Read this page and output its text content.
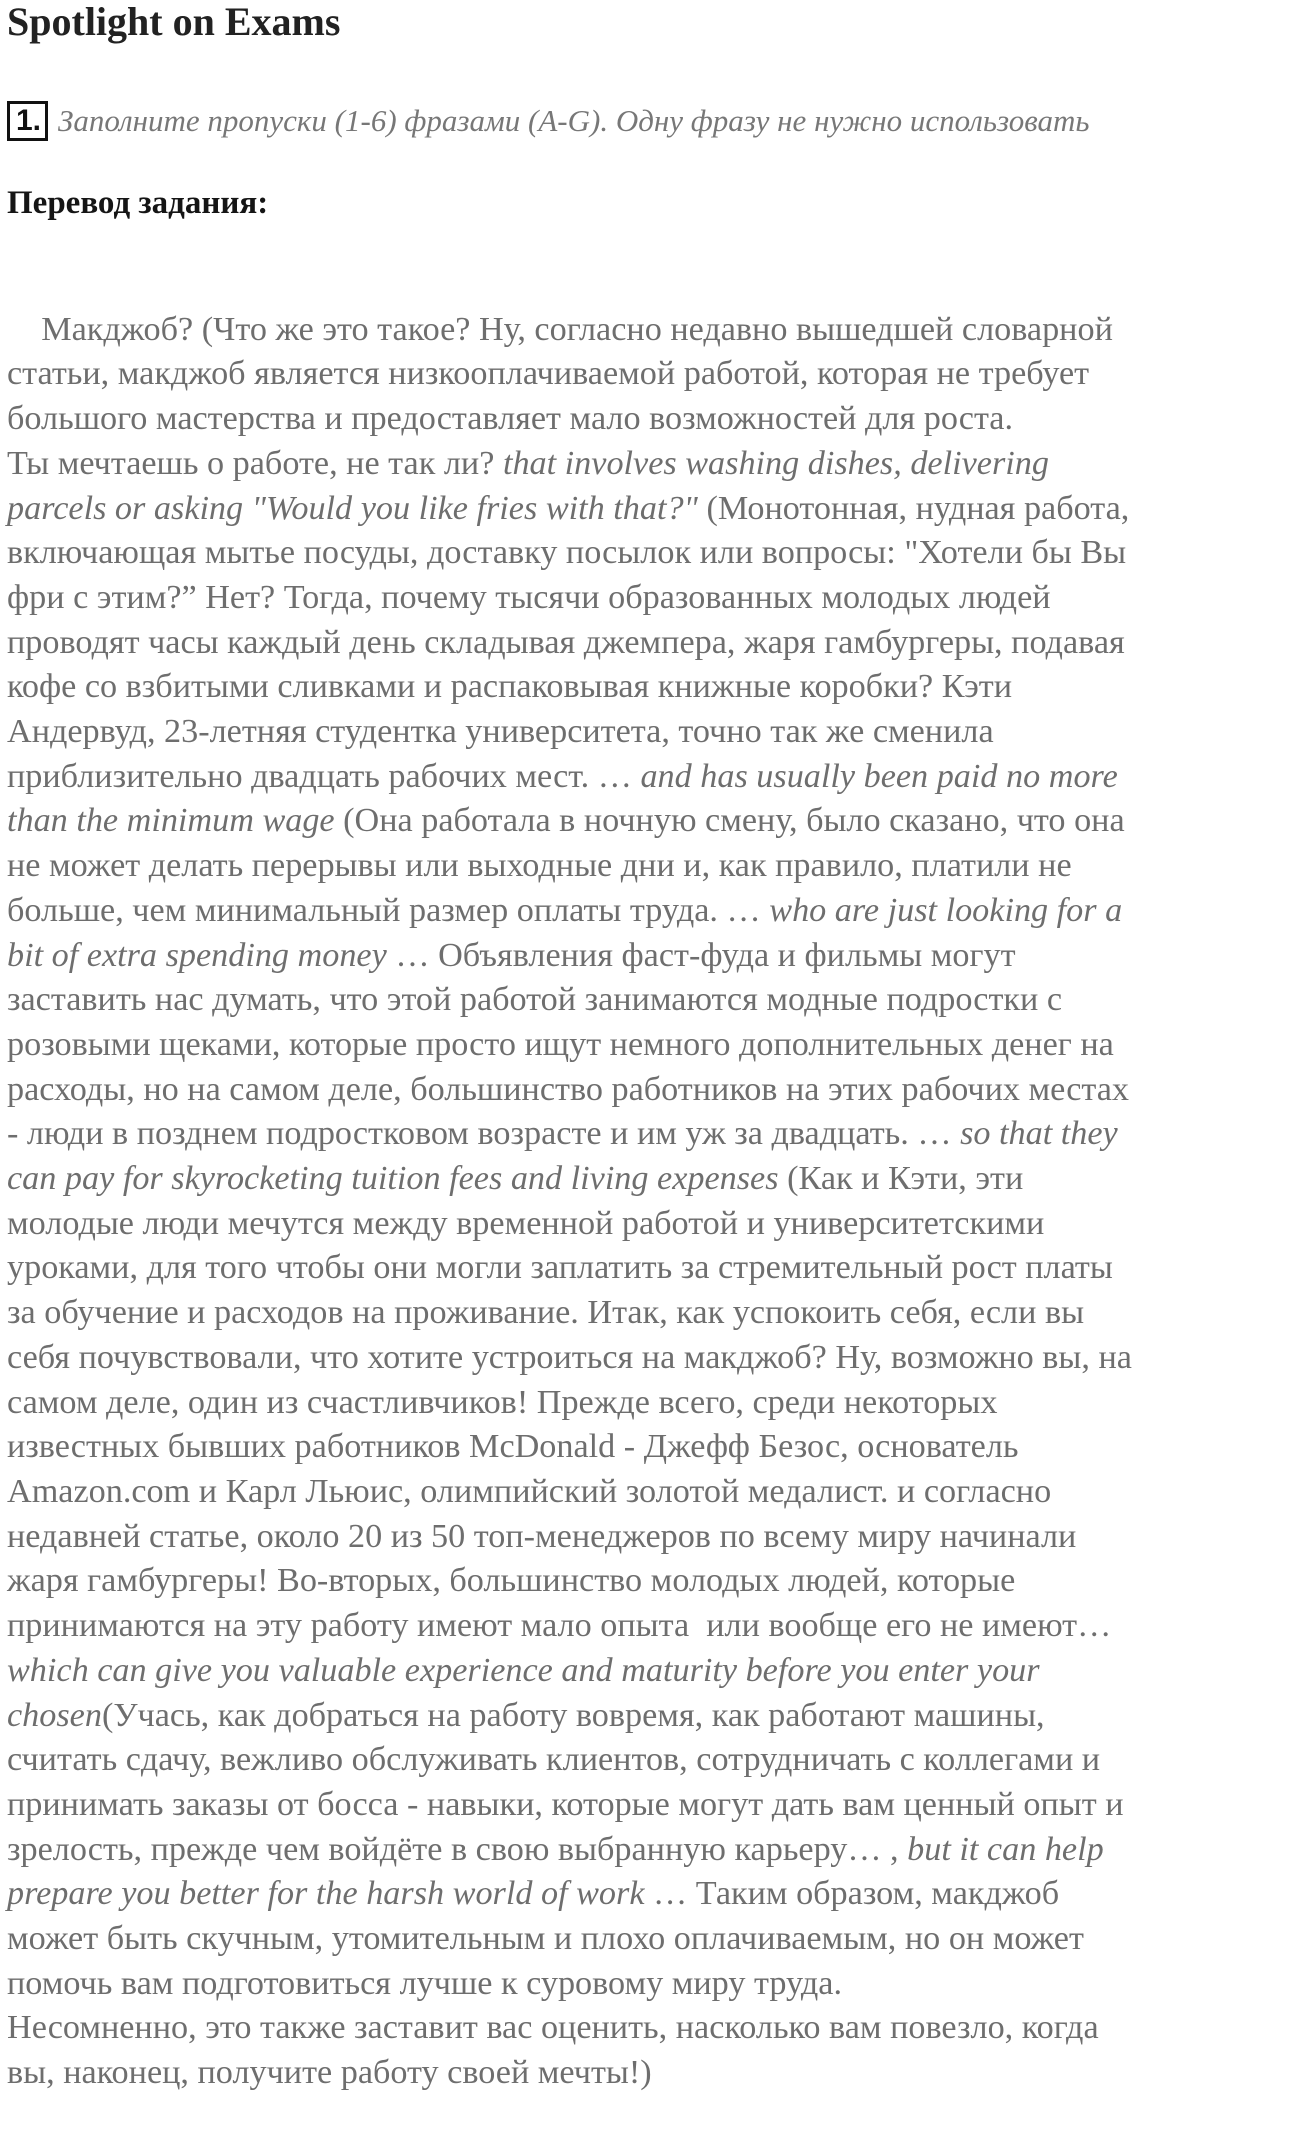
Spotlight on Exams
1. Заполните пропуски (1-6) фразами (A-G). Одну фразу не нужно использовать
Перевод задания:

Макджоб? (Что же это такое? Ну, согласно недавно вышедшей словарной
статьи, макджоб является низкооплачиваемой работой, которая не требует
большого мастерства и предоставляет мало возможностей для роста.
Ты мечтаешь о работе, не так ли? that involves washing dishes, delivering
parcels or asking "Would you like fries with that?" (Монотонная, нудная работа,
включающая мытье посуды, доставку посылок или вопросы: "Хотели бы Вы
фри с этим?” Нет? Тогда, почему тысячи образованных молодых людей
проводят часы каждый день складывая джемпера, жаря гамбургеры, подавая
кофе со взбитыми сливками и распаковывая книжные коробки? Кэти
Андервуд, 23-летняя студентка университета, точно так же сменила
приблизительно двадцать рабочих мест. … and has usually been paid no more
than the minimum wage (Она работала в ночную смену, было сказано, что она
не может делать перерывы или выходные дни и, как правило, платили не
больше, чем минимальный размер оплаты труда. … who are just looking for a
bit of extra spending money … Объявления фаст-фуда и фильмы могут
заставить нас думать, что этой работой занимаются модные подростки с
розовыми щеками, которые просто ищут немного дополнительных денег на
расходы, но на самом деле, большинство работников на этих рабочих местах
- люди в позднем подростковом возрасте и им уж за двадцать. … so that they
can pay for skyrocketing tuition fees and living expenses (Как и Кэти, эти
молодые люди мечутся между временной работой и университетскими
уроками, для того чтобы они могли заплатить за стремительный рост платы
за обучение и расходов на проживание. Итак, как успокоить себя, если вы
себя почувствовали, что хотите устроиться на макджоб? Ну, возможно вы, на
самом деле, один из счастливчиков! Прежде всего, среди некоторых
известных бывших работников McDonald - Джефф Безос, основатель
Amazon.com и Карл Льюис, олимпийский золотой медалист. и согласно
недавней статье, около 20 из 50 топ-менеджеров по всему миру начинали
жаря гамбургеры! Во-вторых, большинство молодых людей, которые
принимаются на эту работу имеют мало опыта  или вообще его не имеют…
which can give you valuable experience and maturity before you enter your
chosen(Учась, как добраться на работу вовремя, как работают машины,
считать сдачу, вежливо обслуживать клиентов, сотрудничать с коллегами и
принимать заказы от босса - навыки, которые могут дать вам ценный опыт и
зрелость, прежде чем войдёте в свою выбранную карьеру… , but it can help
prepare you better for the harsh world of work … Таким образом, макджоб
может быть скучным, утомительным и плохо оплачиваемым, но он может
помочь вам подготовиться лучше к суровому миру труда.
Несомненно, это также заставит вас оценить, насколько вам повезло, когда
вы, наконец, получите работу своей мечты!)
